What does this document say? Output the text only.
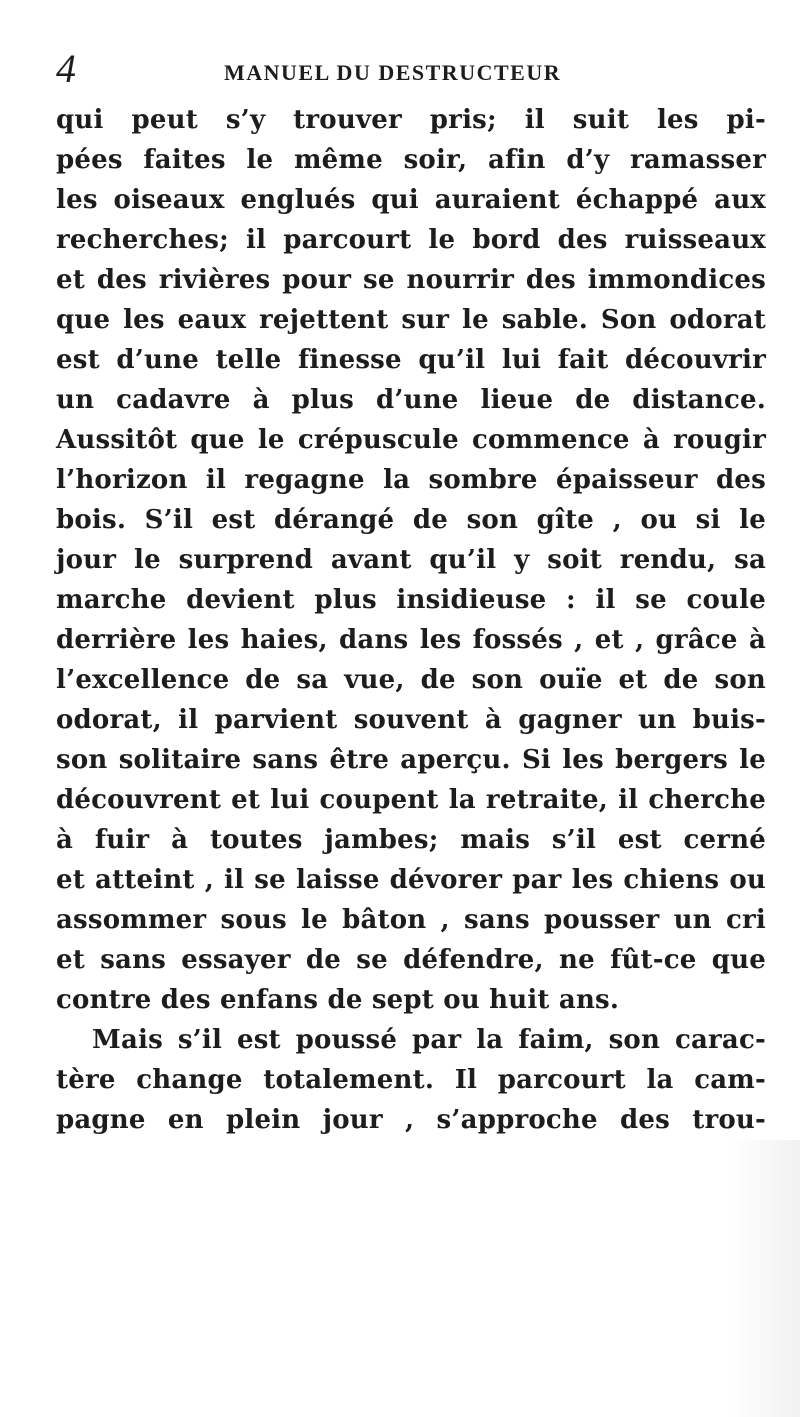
4	MANUEL DU DESTRUCTEUR
qui peut s’y trouver pris; il suit les pi-
pées faites le même soir, afin d’y ramasser
les oiseaux englués qui auraient échappé aux
recherches; il parcourt le bord des ruisseaux
et des rivières pour se nourrir des immondices
que les eaux rejettent sur le sable. Son odorat
est d’une telle finesse qu’il lui fait découvrir
un cadavre à plus d’une lieue de distance.
Aussitôt que le crépuscule commence à rougir
l’horizon il regagne la sombre épaisseur des
bois. S’il est dérangé de son gîte , ou si le
jour le surprend avant qu’il y soit rendu, sa
marche devient plus insidieuse : il se coule
derrière les haies, dans les fossés , et , grâce à
l’excellence de sa vue, de son ouïe et de son
odorat, il parvient souvent à gagner un buis-
son solitaire sans être aperçu. Si les bergers le
découvrent et lui coupent la retraite, il cherche
à fuir à toutes jambes; mais s’il est cerné
et atteint , il se laisse dévorer par les chiens ou
assommer sous le bâton , sans pousser un cri
et sans essayer de se défendre, ne fût-ce que
contre des enfans de sept ou huit ans.
Mais s’il est poussé par la faim, son carac-
tère change totalement. Il parcourt la cam-
pagne en plein jour , s’approche des trou-
